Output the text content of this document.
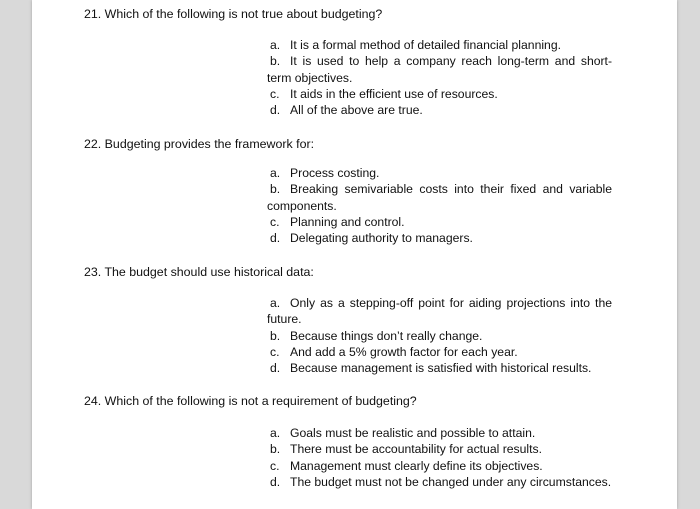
21. Which of the following is not true about budgeting?
a. It is a formal method of detailed financial planning.
b. It is used to help a company reach long-term and short-term objectives.
c. It aids in the efficient use of resources.
d. All of the above are true.
22. Budgeting provides the framework for:
a. Process costing.
b. Breaking semivariable costs into their fixed and variable components.
c. Planning and control.
d. Delegating authority to managers.
23. The budget should use historical data:
a. Only as a stepping-off point for aiding projections into the future.
b. Because things don’t really change.
c. And add a 5% growth factor for each year.
d. Because management is satisfied with historical results.
24. Which of the following is not a requirement of budgeting?
a. Goals must be realistic and possible to attain.
b. There must be accountability for actual results.
c. Management must clearly define its objectives.
d. The budget must not be changed under any circumstances.
